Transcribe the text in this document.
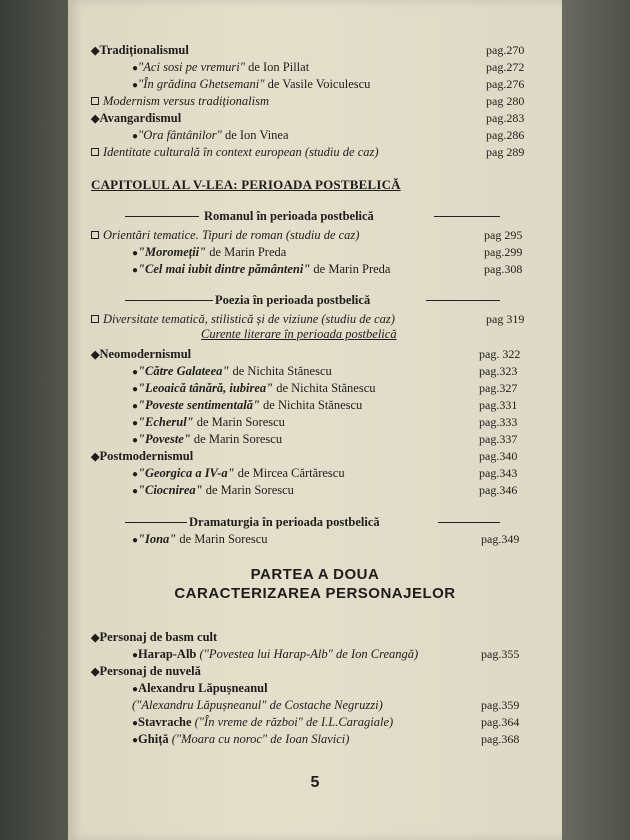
◆Tradiționalismul	pag.270
●"Aci sosi pe vremuri" de Ion Pillat	pag.272
●"În grădina Ghetsemani" de Vasile Voiculescu	pag.276
Modernism versus tradiționalism	pag 280
◆Avangardismul	pag.283
●"Ora fântânilor" de Ion Vinea	pag.286
Identitate culturală în context european (studiu de caz)	pag 289
CAPITOLUL AL V-LEA: PERIOADA POSTBELICĂ
Romanul în perioada postbelică
Orientări tematice. Tipuri de roman (studiu de caz)	pag 295
●"Moromeții" de Marin Preda	pag.299
●"Cel mai iubit dintre pământeni" de Marin Preda	pag.308
Poezia în perioada postbelică
Diversitate tematică, stilistică și de viziune (studiu de caz)	pag 319
Curente literare în perioada postbelică
◆Neomodernismul	pag. 322
●"Către Galateea" de Nichita Stănescu	pag.323
●"Leoaică tânără, iubirea" de Nichita Stănescu	pag.327
●"Poveste sentimentală" de Nichita Stănescu	pag.331
●"Echerul" de Marin Sorescu	pag.333
●"Poveste" de Marin Sorescu	pag.337
◆Postmodernismul	pag.340
●"Georgica a IV-a" de Mircea Cărtărescu	pag.343
●"Ciocnirea" de Marin Sorescu	pag.346
Dramaturgia în perioada postbelică
●"Iona" de Marin Sorescu	pag.349
PARTEA A DOUA
CARACTERIZAREA PERSONAJELOR
◆Personaj de basm cult
●Harap-Alb ("Povestea lui Harap-Alb" de Ion Creangă)	pag.355
◆Personaj de nuvelă
●Alexandru Lăpușneanul
("Alexandru Lăpușneanul" de Costache Negruzzi)	pag.359
●Stavrache ("În vreme de război" de I.L.Caragiale)	pag.364
●Ghiță ("Moara cu noroc" de Ioan Slavici)	pag.368
5
